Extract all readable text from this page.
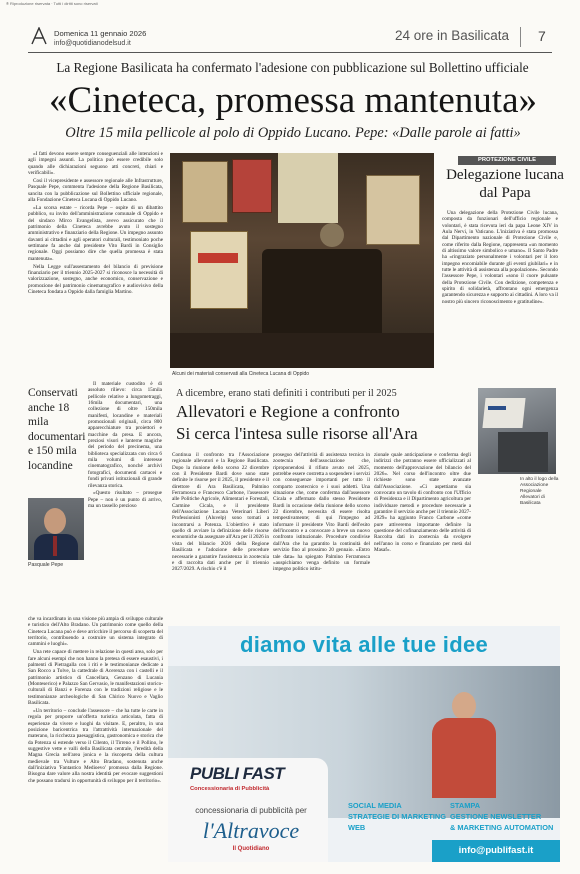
® Riproduzione riservata · Tutti i diritti sono riservati
Domenica 11 gennaio 2026
info@quotidianodelsud.it
24 ore in Basilicata 7
La Regione Basilicata ha confermato l'adesione con pubblicazione sul Bollettino ufficiale
«Cineteca, promessa mantenuta»
Oltre 15 mila pellicole al polo di Oppido Lucano. Pepe: «Dalle parole ai fatti»

«I fatti devono essere sempre conseguenziali alle intenzioni e agli impegni assunti. La politica può essere credibile solo quando alle dichiarazioni seguono atti concreti, chiari e verificabili».

Così il vicepresidente e assessore regionale alle Infrastrutture, Pasquale Pepe, commenta l'adesione della Regione Basilicata, sancita con la pubblicazione sul Bollettino ufficiale regionale, alla Fondazione Cineteca Lucana di Oppido Lucano.

«La scorsa estate – ricorda Pepe – ospite di un dibattito pubblico, su invito dell'amministrazione comunale di Oppido e del sindaco Mirco Evangelista, avevo assicurato che il patrimonio della Cineteca avrebbe avuto il sostegno amministrativo e finanziario della Regione. Un impegno assunto davanti ai cittadini e agli operatori culturali, testimoniato poche settimane fa anche dal presidente Vito Bardi in Consiglio regionale. Oggi possiamo dire che quella promessa è stata mantenuta».

Nella Legge sull'assestamento del bilancio di previsione finanziario per il triennio 2025-2027 si riconosce la necessità di valorizzazione, sostegno, anche economico, conservazione e promozione del patrimonio cinematografico e audiovisivo della Cineteca fondata a Oppido dalla famiglia Martino.

Alcuni dei materiali conservati alla Cineteca Lucana di Oppido
PROTEZIONE CIVILE
Delegazione lucana dal Papa

Una delegazione della Protezione Civile lucana, composta da funzionari dell'ufficio regionale e volontari, è stata ricevuta ieri da papa Leone XIV in Aula Nervi, in Vaticano. L'iniziativa è stata promossa dal Dipartimento nazionale di Protezione Civile e, come riferito dalla Regione, rappresenta «un momento di altissimo valore simbolico e umano». Il Santo Padre ha «ringraziato personalmente i volontari per il loro impegno encomiabile durante gli eventi giubilari» e in tutte le attività di assistenza alla popolazione». Secondo l'assessore Pepe, i volontari «sono il cuore pulsante della Protezione Civile. Con dedizione, competenza e spirito di solidarietà, affrontano ogni emergenza garantendo sicurezza e supporto ai cittadini. A loro va il nostro più sincero riconoscimento e gratitudine».

Il materiale custodito è di assoluto rilievo: circa 15mila pellicole relative a lungometraggi, 16mila documentari, una collezione di oltre 150mila manifesti, locandine e materiali promozionali originali, circa 800 apparecchiature tra proiettori e macchine da presa. E ancora, preziosi visori e lanterne magiche del periodo del precinema, una biblioteca specializzata con circa 6 mila volumi di interesse cinematografico, nonché archivi fotografici, documenti cartacei e fondi privati istituzionali di grande rilevanza storica.

«Questo risultato – prosegue Pepe – non è un punto di arrivo, ma un tassello prezioso

Conservati anche 18 mila documentari e 150 mila locandine
Pasquale Pepe

che va incardinato in una visione più ampia di sviluppo culturale e turistico dell'Alto Bradano. Un patrimonio come quello della Cineteca Lucana può e deve arricchire il percorso di scoperta del territorio, contribuendo a costruire un sistema integrato di cammini e luoghi».

Una rete capace di mettere in relazione in questi area, solo per fare alcuni esempi che non hanno la pretesa di essere esaustivi, i palmenti di Pietragalla con i riti e le testimonianze dedicate a San Rocco a Tolve, la cattedrale di Acerenza con i castelli e il patrimonio artistico di Cancellara, Genzano di Lucania (Monteserico) e Palazzo San Gervasio, le manifestazioni storico-culturali di Banzi e Forenza con le tradizioni religiose e le testimonianze archeologiche di San Chirico Nuovo e Vaglio Basilicata.

«Un territorio – conclude l'assessore – che ha tutte le carte in regola per proporre un'offerta turistica articolata, fatta di esperienze da vivere e luoghi da visitare. E, peraltro, in una posizione baricentrica tra l'attrattività internazionale del materano, la ricchezza paesaggistica, gastronomica e storica che da Potenza si estende verso il Cilento, il Tirreno e il Pollino, le suggestive vette e valli della Basilicata centrale, l'eredità della Magna Grecia nell'area jonica e la riscoperta della cultura medievale tra Vulture e Alto Bradano, sostenuta anche dall'iniziativa 'Fantastico Medioevo' promossa dalla Regione. Bisogna dare valore alla nostra identità per evocare suggestioni che possano tradursi in opportunità di sviluppo per il territorio».

A dicembre, erano stati definiti i contributi per il 2025
Allevatori e Regione a confronto
Si cerca l'intesa sulle risorse all'Ara
In alto il logo della Associazione Regionale Allevatori di Basilicata

Continua il confronto tra l'Associazione regionale allevatori e la Regione Basilicata. Dopo la riunione dello scorso 22 dicembre con il Presidente Bardi dove sono state definite le risorse per il 2025, il presidente e il direttore di Ara Basilicata, Palmino Ferramosca e Francesco Carbone, l'assessore alle Politiche Agricole, Alimentari e Forestali, Carmine Cicala, e il presidente dell'Associazione Lucana Veterinari Liberi Professionisti (Aluvelp) sono tornati a incontrarsi a Potenza. L'obiettivo è stato quello di avviare la definizione delle risorse economiche da assegnare all'Ara per il 2026 in vista del bilancio 2026 della Regione Basilicata e l'adozione delle procedure necessarie a garantire l'assistenza in zootecnia e di raccolta dati anche per il triennio 2027/2029. A rischio c'è il

proseguo dell'attività di assistenza tecnica in zootecnia dell'associazione che, riproponendosi il rifiuto avuto nel 2025, potrebbe essere costretta a sospendere i servizi con conseguenze importanti per tutto il comparto zootecnico e i suoi addetti. Una situazione che, come conferma dall'assessore Cicala e affermato dallo stesso Presidente Bardi in occasione della riunione dello scorso 22 dicembre, necessita di essere risolta tempestivamente; di qui l'impegno ad informare il presidente Vito Bardi dell'esito dell'incontro e a convocare a breve un nuovo confronto istituzionale. Procedure condivise dall'Ara che ha garantito la continuità del servizio fino al prossimo 20 gennaio. «Entro tale data» ha spiegato Palmino Ferramosca «auspichiamo venga definito un formale impegno politico istitu-

zionale quale anticipazione e conferma degli indirizzi che potranno essere ufficializzati al momento dell'approvazione del bilancio del 2026». Nel corso dell'incontro oltre due richieste sono state avanzate dall'Associazione. «Ci aspettiamo sia convocato un tavolo di confronto con l'Ufficio di Presidenza e il Dipartimento agricoltura per individuare metodi e procedure necessarie a garantire il servizio anche per il triennio 2027-2029» ha aggiunto Franco Carbone «come pure attiveremo importante definire la questione del cofinanziamento delle attività di Raccolta dati in zootecnia da svolgere nell'anno in corso e finanziato per metà dal Masaf».

diamo vita alle tue idee
PUBLI FAST
Concessionaria di Pubblicità
concessionaria di pubblicità per
l'Altravoce
Il Quotidiano
SOCIAL MEDIA
STRATEGIE DI MARKETING
WEB
STAMPA
GESTIONE NEWSLETTER
& MARKETING AUTOMATION
info@publifast.it
